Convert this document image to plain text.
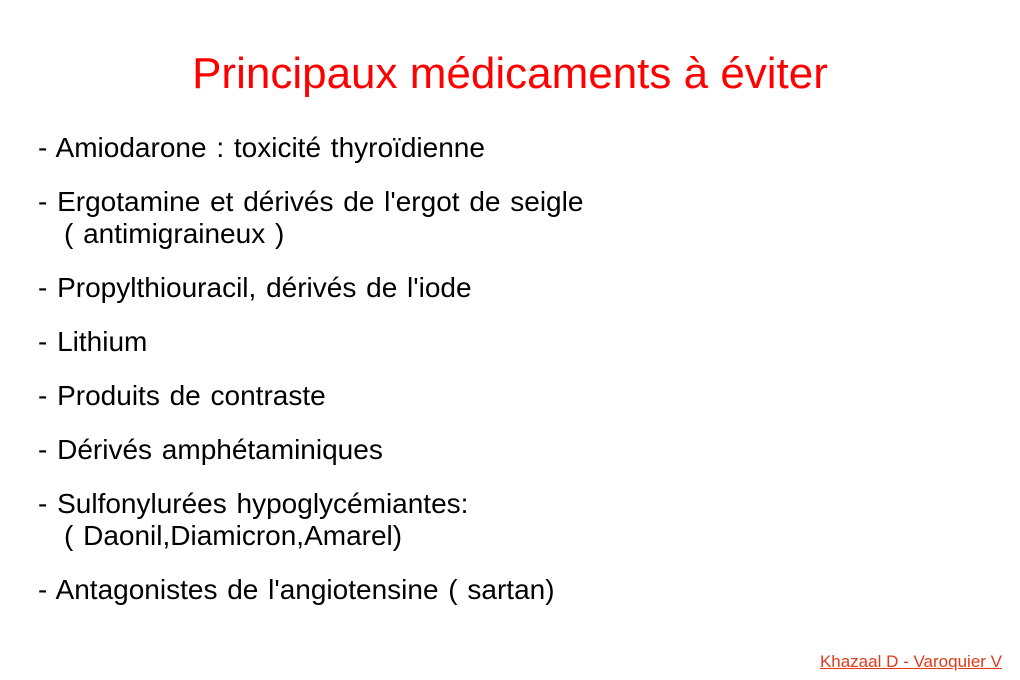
Principaux médicaments à éviter
- Amiodarone : toxicité thyroïdienne
- Ergotamine et dérivés de l'ergot de seigle
( antimigraineux )
- Propylthiouracil, dérivés de l'iode
- Lithium
- Produits de contraste
- Dérivés amphétaminiques
- Sulfonylurées hypoglycémiantes:
( Daonil,Diamicron,Amarel)
- Antagonistes de l'angiotensine ( sartan)
Khazaal D - Varoquier V
